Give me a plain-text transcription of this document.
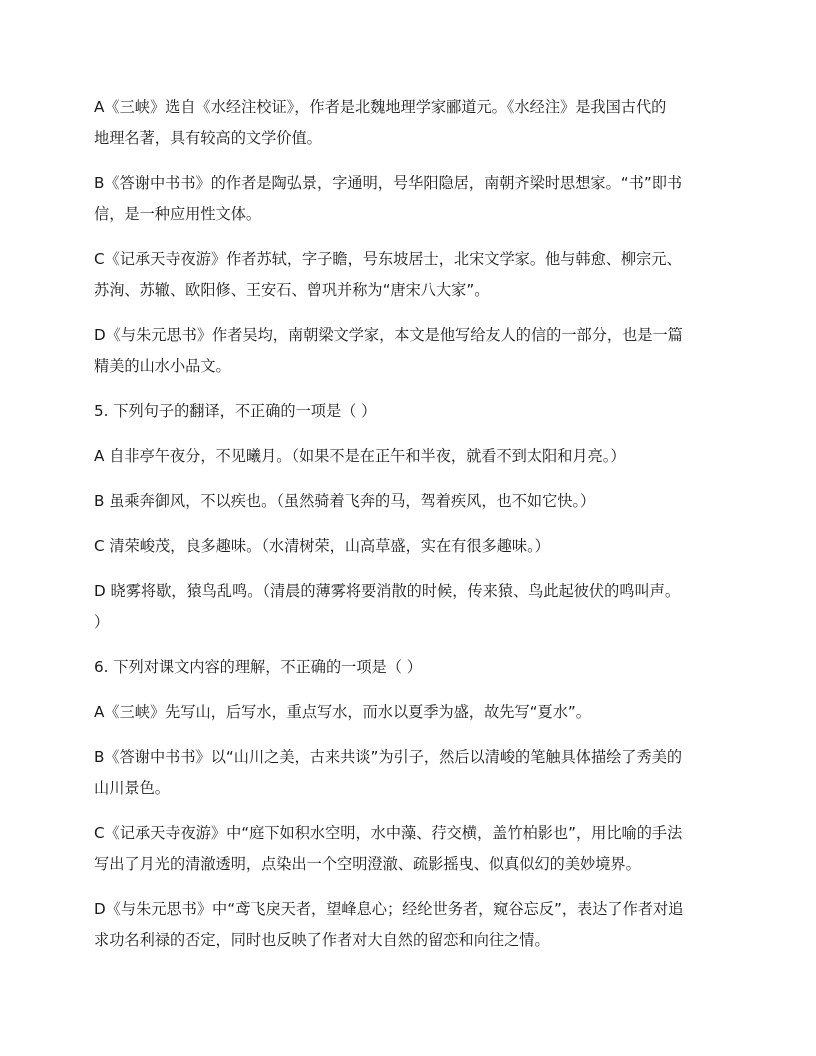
A《三峡》选自《水经注校证》，作者是北魏地理学家郦道元。《水经注》是我国古代的

地理名著，具有较高的文学价值。

B《答谢中书书》的作者是陶弘景，字通明，号华阳隐居，南朝齐梁时思想家。“书”即书

信，是一种应用性文体。

C《记承天寺夜游》作者苏轼，字子瞻，号东坡居士，北宋文学家。他与韩愈、柳宗元、

苏洵、苏辙、欧阳修、王安石、曾巩并称为“唐宋八大家”。

D《与朱元思书》作者吴均，南朝梁文学家，本文是他写给友人的信的一部分，也是一篇

精美的山水小品文。

5. 下列句子的翻译，不正确的一项是（ ）

A 自非亭午夜分，不见曦月。（如果不是在正午和半夜，就看不到太阳和月亮。）

B 虽乘奔御风，不以疾也。（虽然骑着飞奔的马，驾着疾风，也不如它快。）

C 清荣峻茂，良多趣味。（水清树荣，山高草盛，实在有很多趣味。）

D 晓雾将歇，猿鸟乱鸣。（清晨的薄雾将要消散的时候，传来猿、鸟此起彼伏的鸣叫声。

）

6. 下列对课文内容的理解，不正确的一项是（ ）

A《三峡》先写山，后写水，重点写水，而水以夏季为盛，故先写“夏水”。

B《答谢中书书》以“山川之美，古来共谈”为引子，然后以清峻的笔触具体描绘了秀美的

山川景色。

C《记承天寺夜游》中“庭下如积水空明，水中藻、荇交横，盖竹柏影也”，用比喻的手法

写出了月光的清澈透明，点染出一个空明澄澈、疏影摇曳、似真似幻的美妙境界。

D《与朱元思书》中“鸢飞戾天者，望峰息心；经纶世务者，窥谷忘反”，表达了作者对追

求功名利禄的否定，同时也反映了作者对大自然的留恋和向往之情。
